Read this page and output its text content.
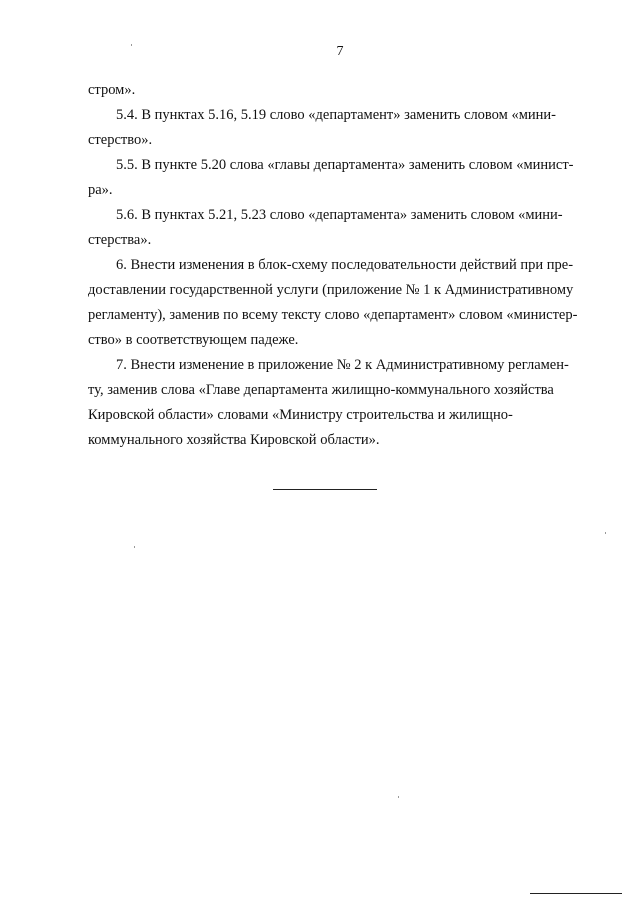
7
стром».
5.4. В пунктах 5.16, 5.19 слово «департамент» заменить словом «мини-
стерство».
5.5. В пункте 5.20 слова «главы департамента» заменить словом «минист-
ра».
5.6. В пунктах 5.21, 5.23 слово «департамента» заменить словом «мини-
стерства».
6. Внести изменения в блок-схему последовательности действий при пре-
доставлении государственной услуги (приложение № 1 к Административному
регламенту), заменив по всему тексту слово «департамент» словом «министер-
ство» в соответствующем падеже.
7. Внести изменение в приложение № 2 к Административному регламен-
ту, заменив слова «Главе департамента жилищно-коммунального хозяйства
Кировской области» словами «Министру строительства и жилищно-
коммунального хозяйства Кировской области».
